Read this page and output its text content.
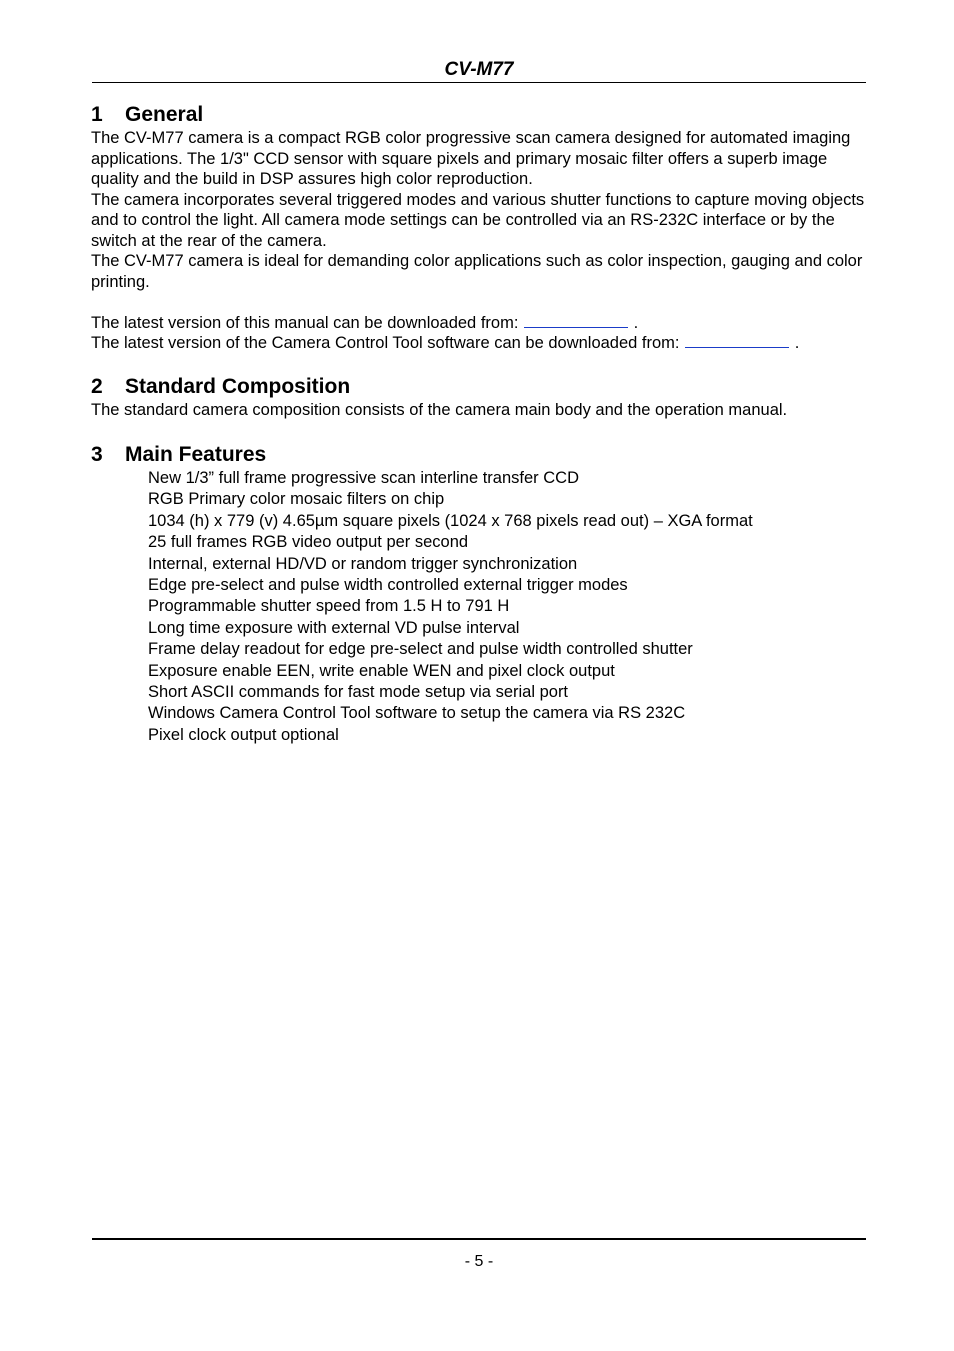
CV-M77
1 General

The CV-M77 camera is a compact RGB color progressive scan camera designed for automated imaging applications. The 1/3" CCD sensor with square pixels and primary mosaic filter offers a superb image quality and the build in DSP assures high color reproduction.

The camera incorporates several triggered modes and various shutter functions to capture moving objects and to control the light. All camera mode settings can be controlled via an RS-232C interface or by the switch at the rear of the camera.

The CV-M77 camera is ideal for demanding color applications such as color inspection, gauging and color printing.

The latest version of this manual can be downloaded from:	.

The latest version of the Camera Control Tool software can be downloaded from:	.

2 Standard Composition

The standard camera composition consists of the camera main body and the operation manual.

3 Main Features
New 1/3” full frame progressive scan interline transfer CCD
RGB Primary color mosaic filters on chip
1034 (h) x 779 (v) 4.65µm square pixels (1024 x 768 pixels read out) – XGA format
25 full frames RGB video output per second
Internal, external HD/VD or random trigger synchronization
Edge pre-select and pulse width controlled external trigger modes
Programmable shutter speed from 1.5 H to 791 H
Long time exposure with external VD pulse interval
Frame delay readout for edge pre-select and pulse width controlled shutter
Exposure enable EEN, write enable WEN and pixel clock output
Short ASCII commands for fast mode setup via serial port
Windows Camera Control Tool software to setup the camera via RS 232C
Pixel clock output optional
- 5 -
